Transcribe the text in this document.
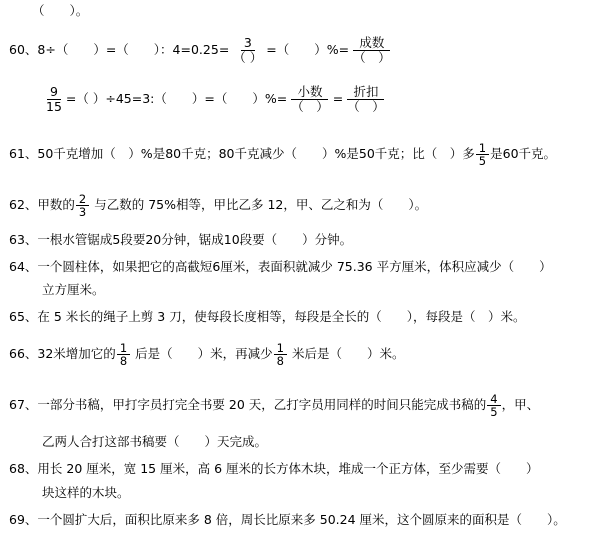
（　　）。
60、8÷（　　）=（　　）：$4=0.25= \frac{3}{( )}$ =（　　）%= $\frac{\text{成数}}{( )}$
$\frac{9}{15}$ =（ ）÷45=3:（　　）=（　　）%= $\frac{\text{小数}}{( )} = \frac{\text{折扣}}{( )}$
61、50千克增加（　）%是80千克；80千克减少（　　）%是50千克；比（　）多 $\frac{1}{5}$ 是60千克。
62、甲数的 $\frac{2}{3}$ 与乙数的 75%相等，甲比乙多 12，甲、乙之和为（　　）。
63、一根水管锯成5段要20分钟，锯成10段要（　　）分钟。
64、一个圆柱体，如果把它的高截短6厘米，表面积就减少 75.36 平方厘米，体积应减少（　　）
立方厘米。
65、在 5 米长的绳子上剪 3 刀，使每段长度相等，每段是全长的（　　），每段是（　）米。
66、32米增加它的 $\frac{1}{8}$ 后是（　　）米，再减少 $\frac{1}{8}$ 米后是（　　）米。
67、一部分书稿，甲打字员打完全书要 20 天，乙打字员用同样的时间只能完成书稿的 $\frac{4}{5}$ ，甲、
乙两人合打这部书稿要（　　）天完成。
68、用长 20 厘米，宽 15 厘米，高 6 厘米的长方体木块，堆成一个正方体，至少需要（　　）
块这样的木块。
69、一个圆扩大后，面积比原来多 8 倍，周长比原来多 50.24 厘米，这个圆原来的面积是（　　）。
